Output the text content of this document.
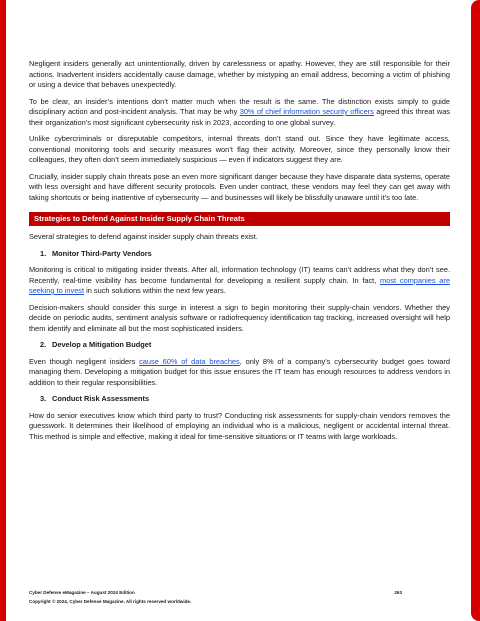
Negligent insiders generally act unintentionally, driven by carelessness or apathy. However, they are still responsible for their actions. Inadvertent insiders accidentally cause damage, whether by mistyping an email address, becoming a victim of phishing or using a device that behaves unexpectedly.

To be clear, an insider’s intentions don’t matter much when the result is the same. The distinction exists simply to guide disciplinary action and post-incident analysis. That may be why 30% of chief information security officers agreed this threat was their organization’s most significant cybersecurity risk in 2023, according to one global survey.

Unlike cybercriminals or disreputable competitors, internal threats don’t stand out. Since they have legitimate access, conventional monitoring tools and security measures won’t flag their activity. Moreover, since they personally know their colleagues, they often don’t seem immediately suspicious — even if indicators suggest they are.

Crucially, insider supply chain threats pose an even more significant danger because they have disparate data systems, operate with less oversight and have different security protocols. Even under contract, these vendors may feel they can get away with taking shortcuts or being inattentive of cybersecurity — and businesses will likely be blissfully unaware until it’s too late.

Strategies to Defend Against Insider Supply Chain Threats

Several strategies to defend against insider supply chain threats exist.

1. Monitor Third-Party Vendors

Monitoring is critical to mitigating insider threats. After all, information technology (IT) teams can’t address what they don’t see. Recently, real-time visibility has become fundamental for developing a resilient supply chain. In fact, most companies are seeking to invest in such solutions within the next few years.

Decision-makers should consider this surge in interest a sign to begin monitoring their supply-chain vendors. Whether they decide on periodic audits, sentiment analysis software or radiofrequency identification tag tracking, increased oversight will help them identify and eliminate all but the most sophisticated insiders.

2. Develop a Mitigation Budget

Even though negligent insiders cause 60% of data breaches, only 8% of a company’s cybersecurity budget goes toward managing them. Developing a mitigation budget for this issue ensures the IT team has enough resources to address vendors in addition to their regular responsibilities.

3. Conduct Risk Assessments

How do senior executives know which third party to trust? Conducting risk assessments for supply-chain vendors removes the guesswork. It determines their likelihood of employing an individual who is a malicious, negligent or accidental internal threat. This method is simple and effective, making it ideal for time-sensitive situations or IT teams with large workloads.

Cyber Defense eMagazine – August 2024 Edition	263
Copyright © 2024, Cyber Defense Magazine. All rights reserved worldwide.
